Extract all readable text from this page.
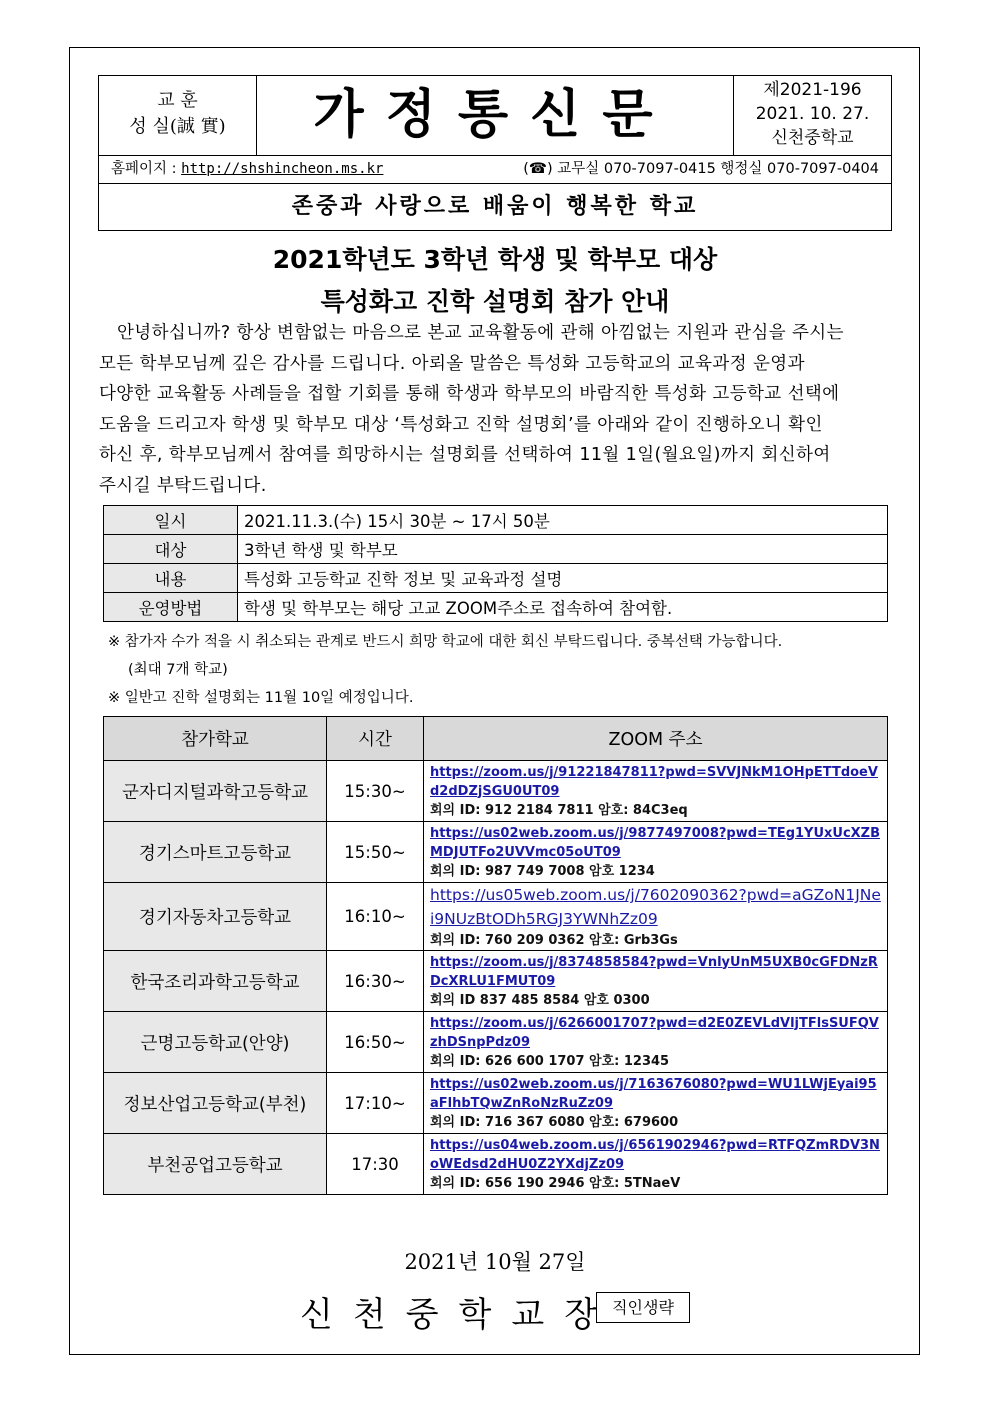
교 훈
성 실(誠 實)	가정통신문	제2021-196
2021. 10. 27.
신천중학교
홈페이지 : http://shshincheon.ms.kr	(☎) 교무실 070-7097-0415 행정실 070-7097-0404
존중과 사랑으로 배움이 행복한 학교
2021학년도 3학년 학생 및 학부모 대상
특성화고 진학 설명회 참가 안내
안녕하십니까? 항상 변함없는 마음으로 본교 교육활동에 관해 아낌없는 지원과 관심을 주시는
모든 학부모님께 깊은 감사를 드립니다. 아뢰올 말씀은 특성화 고등학교의 교육과정 운영과
다양한 교육활동 사례들을 접할 기회를 통해 학생과 학부모의 바람직한 특성화 고등학교 선택에
도움을 드리고자 학생 및 학부모 대상 ‘특성화고 진학 설명회’를 아래와 같이 진행하오니 확인
하신 후, 학부모님께서 참여를 희망하시는 설명회를 선택하여 11월 1일(월요일)까지 회신하여
주시길 부탁드립니다.
일시	2021.11.3.(수) 15시 30분 ~ 17시 50분
대상	3학년 학생 및 학부모
내용	특성화 고등학교 진학 정보 및 교육과정 설명
운영방법	학생 및 학부모는 해당 고교 ZOOM주소로 접속하여 참여함.
※ 참가자 수가 적을 시 취소되는 관계로 반드시 희망 학교에 대한 회신 부탁드립니다. 중복선택 가능합니다.
(최대 7개 학교)
※ 일반고 진학 설명회는 11월 10일 예정입니다.
참가학교	시간	ZOOM 주소
군자디지털과학고등학교	15:30~	https://zoom.us/j/91221847811?pwd=SVVJNkM1OHpETTdoeVd2dDZjSGU0UT09
회의 ID: 912 2184 7811 암호: 84C3eq
경기스마트고등학교	15:50~	https://us02web.zoom.us/j/9877497008?pwd=TEg1YUxUcXZBMDJUTFo2UVVmc05oUT09
회의 ID: 987 749 7008 암호 1234
경기자동차고등학교	16:10~	https://us05web.zoom.us/j/7602090362?pwd=aGZoN1JNei9NUzBtODh5RGJ3YWNhZz09
회의 ID: 760 209 0362 암호: Grb3Gs
한국조리과학고등학교	16:30~	https://zoom.us/j/8374858584?pwd=VnlyUnM5UXB0cGFDNzRDcXRLU1FMUT09
회의 ID 837 485 8584 암호 0300
근명고등학교(안양)	16:50~	https://zoom.us/j/6266001707?pwd=d2E0ZEVLdVljTFlsSUFQVzhDSnpPdz09
회의 ID: 626 600 1707 암호: 12345
정보산업고등학교(부천)	17:10~	https://us02web.zoom.us/j/7163676080?pwd=WU1LWjEyai95aFlhbTQwZnRoNzRuZz09
회의 ID: 716 367 6080 암호: 679600
부천공업고등학교	17:30	https://us04web.zoom.us/j/6561902946?pwd=RTFQZmRDV3NoWEdsd2dHU0Z2YXdjZz09
회의 ID: 656 190 2946 암호: 5TNaeV
2021년 10월 27일
신천중학교장
직인생략
